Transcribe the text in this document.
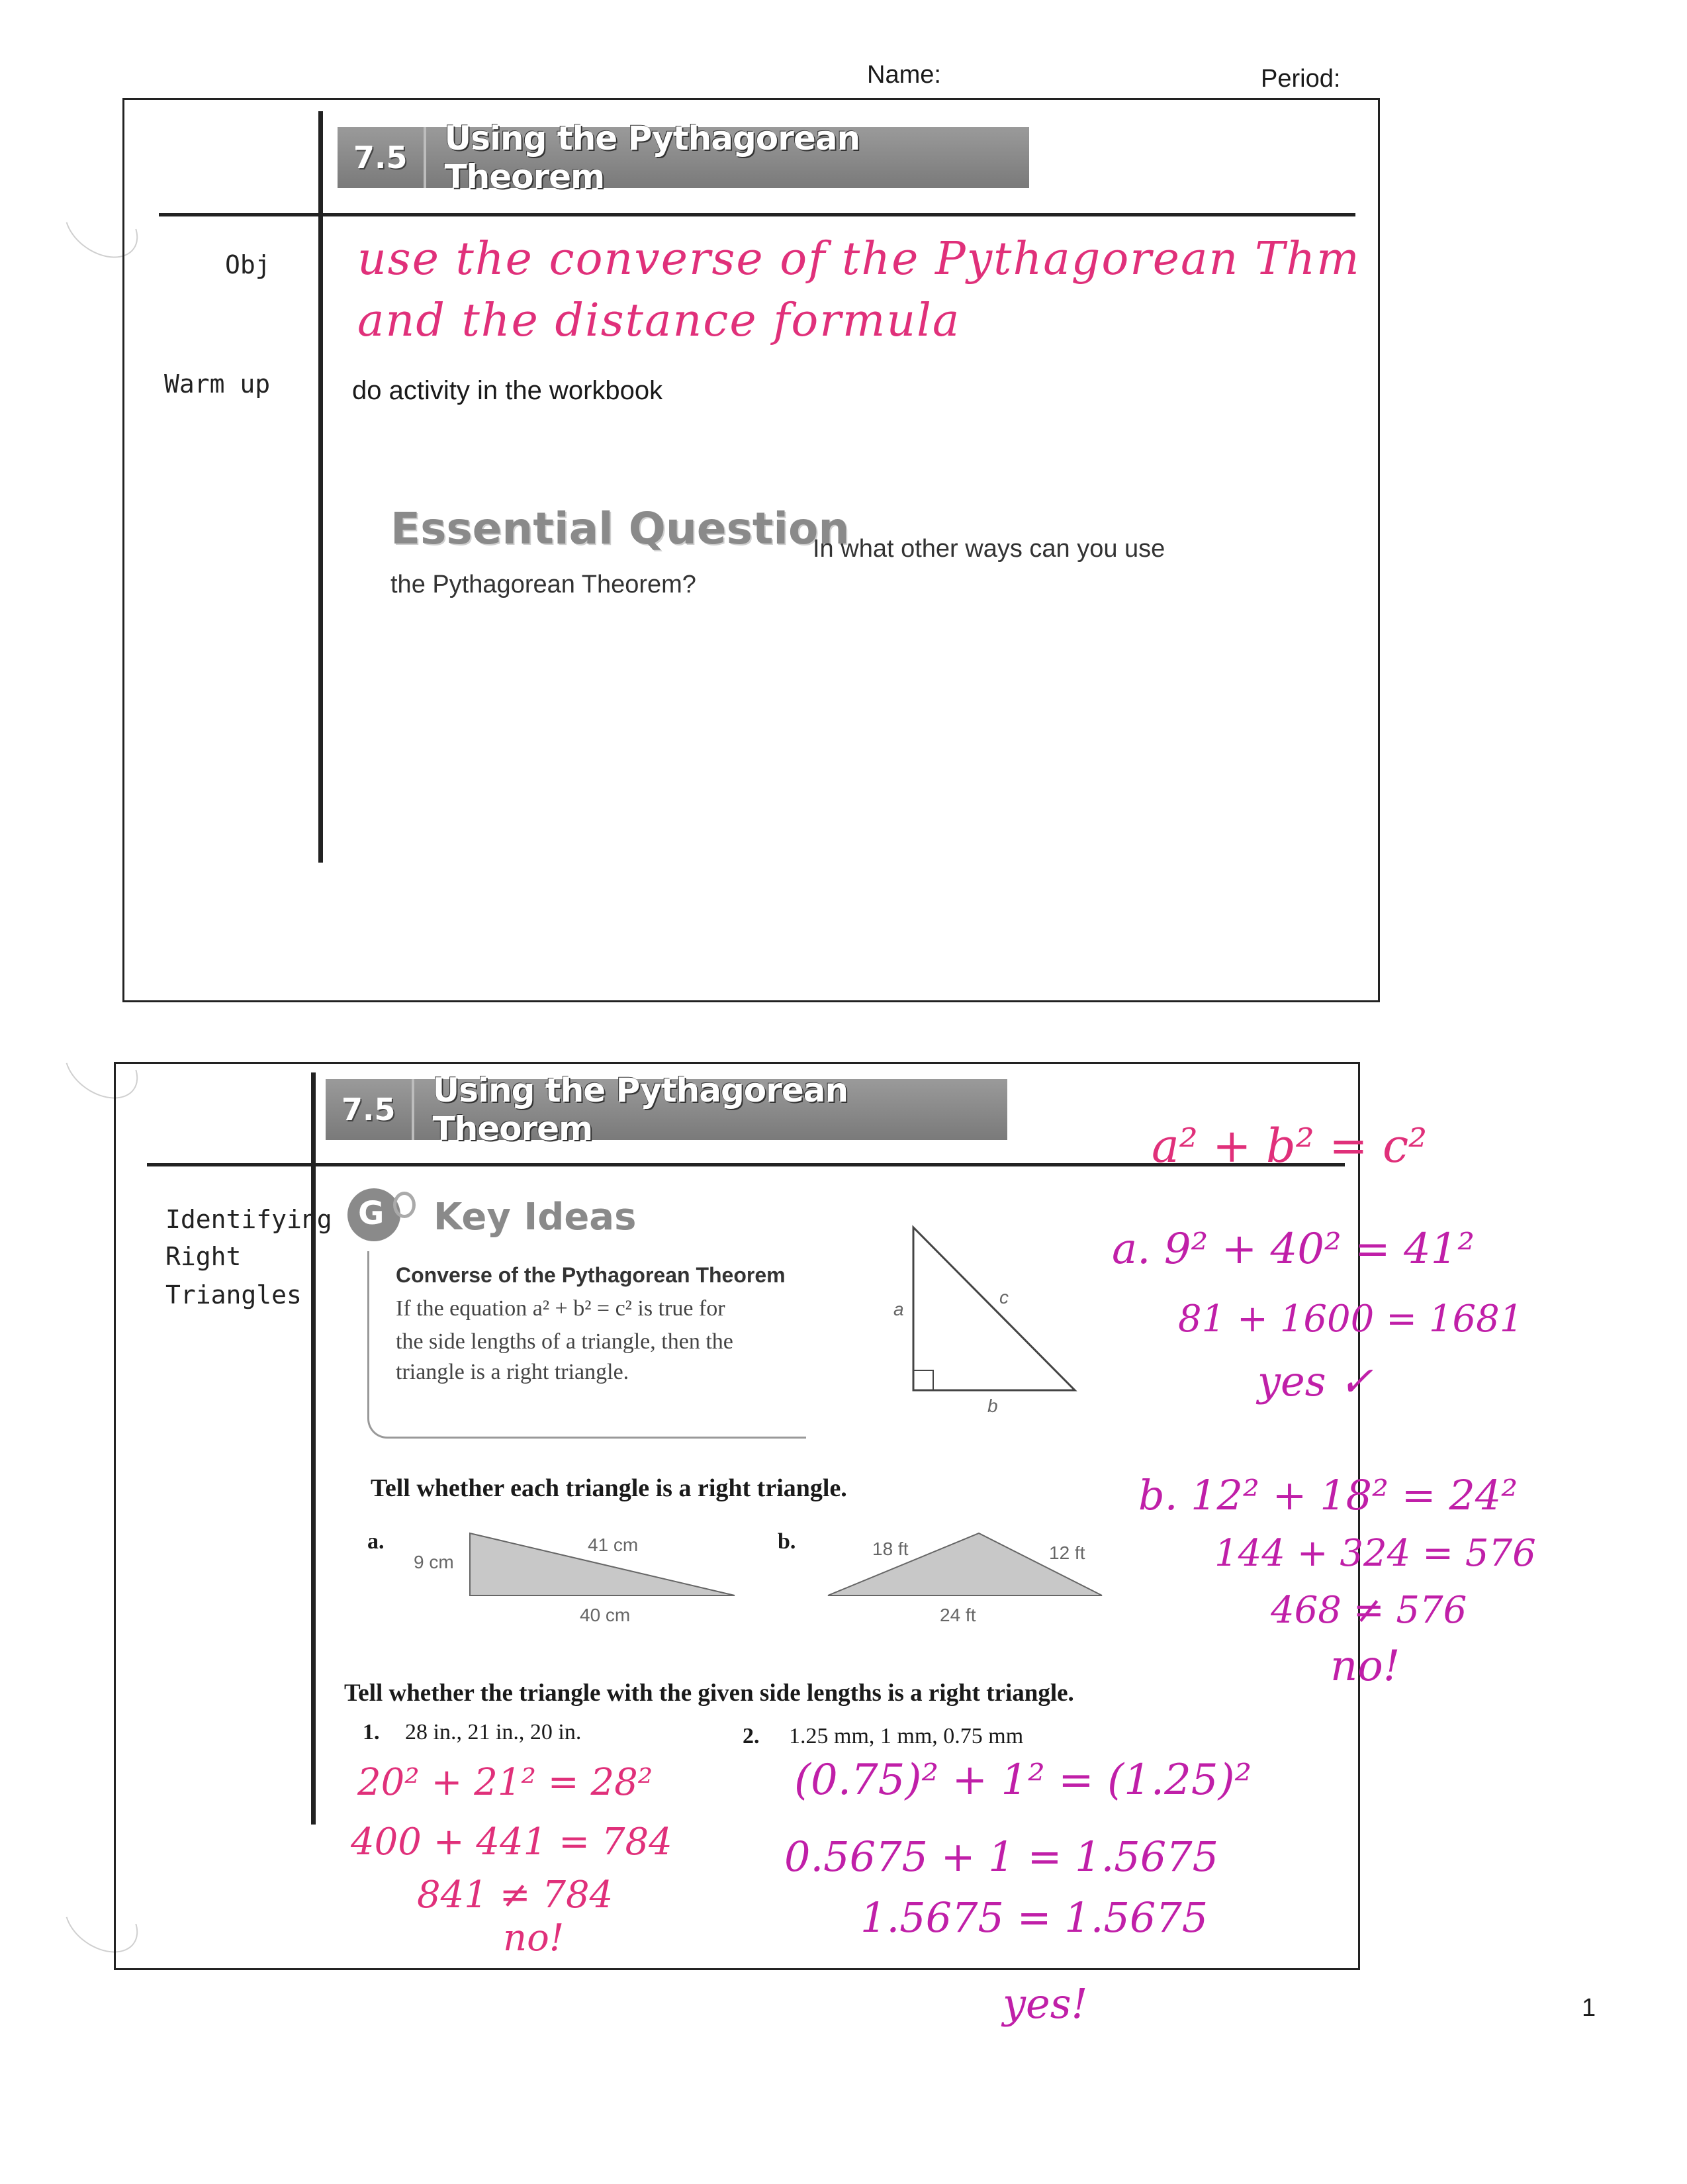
Name:	Period:
7.5	Using the Pythagorean Theorem
Obj use the converse of the Pythagorean Thm
and the distance formula
Warm up	do activity in the workbook
Essential Question
In what other ways can you use
the Pythagorean Theorem?
7.5	Using the Pythagorean Theorem
Identifying
Right
Triangles
G Key Ideas
Converse of the Pythagorean Theorem
If the equation a² + b² = c² is true for
the side lengths of a triangle, then the
triangle is a right triangle.
a
c
b
Tell whether each triangle is a right triangle.
a.
9 cm
41 cm
40 cm
b.	18 ft	12 ft
24 ft
Tell whether the triangle with the given side lengths is a right triangle.
1. 28 in., 21 in., 20 in.	2. 1.25 mm, 1 mm, 0.75 mm
a² + b² = c²
a. 9² + 40² = 41²
81 + 1600 = 1681
yes ✓
b. 12² + 18² = 24²
144 + 324 = 576
468 ≠ 576
no!
20² + 21² = 28²
400 + 441 = 784
841 ≠ 784
no!
(0.75)² + 1² = (1.25)²
0.5675 + 1 = 1.5675
1.5675 = 1.5675
yes!	1
